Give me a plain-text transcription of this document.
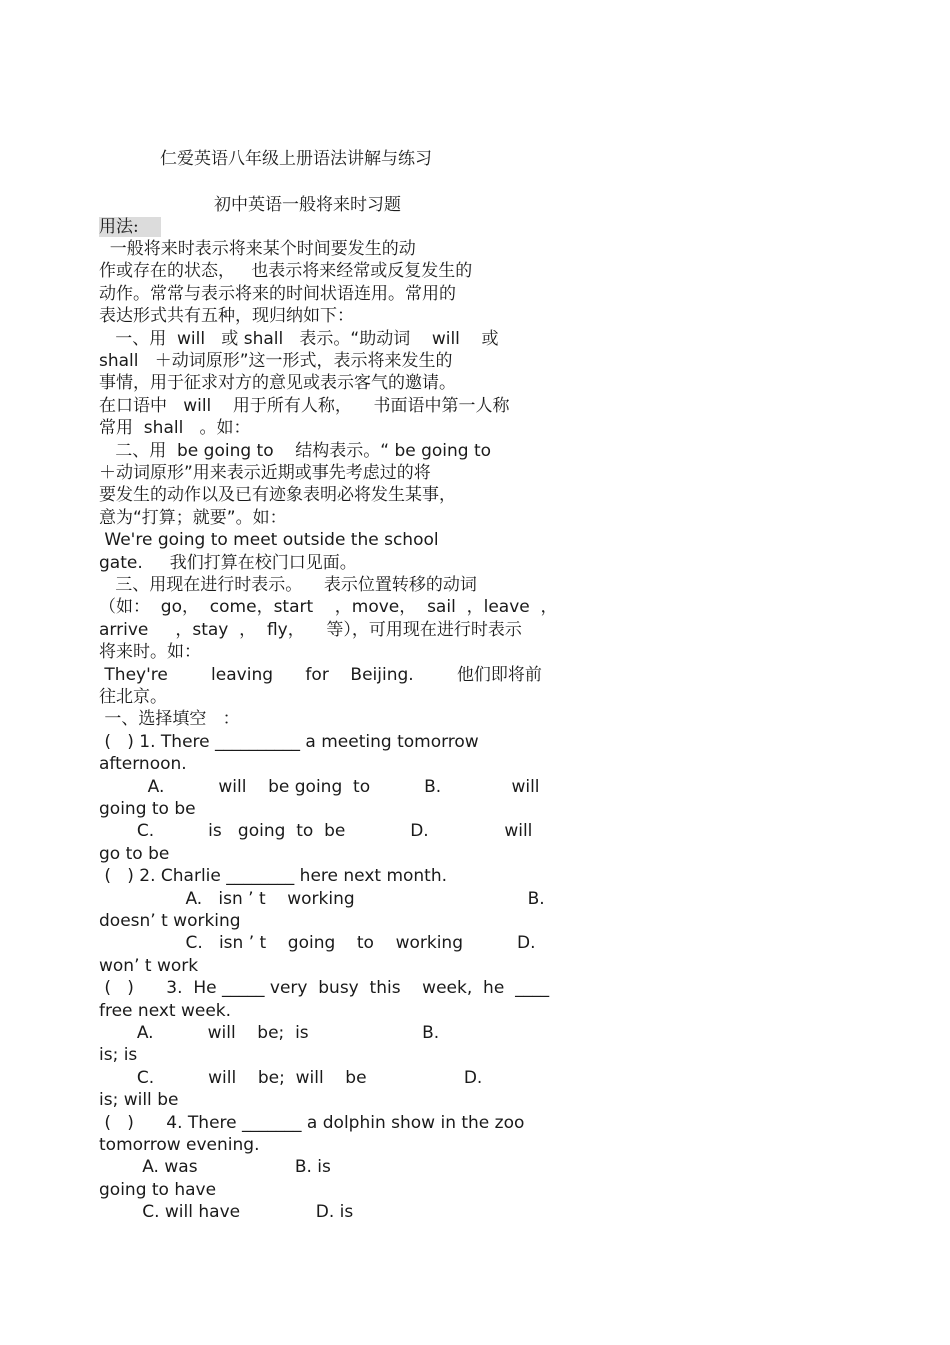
仁爱英语八年级上册语法讲解与练习
初中英语一般将来时习题
用法:
一般将来时表示将来某个时间要发生的动
作或存在的状态，   也表示将来经常或反复发生的
动作。常常与表示将来的时间状语连用。常用的
表达形式共有五种，现归纳如下：
一、用  will   或 shall   表示。“助动词    will    或
shall   ＋动词原形”这一形式，表示将来发生的
事情，用于征求对方的意见或表示客气的邀请。
在口语中   will    用于所有人称，    书面语中第一人称
常用  shall   。如：
二、用  be going to    结构表示。“ be going to
＋动词原形”用来表示近期或事先考虑过的将
要发生的动作以及已有迹象表明必将发生某事，
意为“打算；就要”。如：
We're going to meet outside the school
gate.     我们打算在校门口见面。
三、用现在进行时表示。    表示位置转移的动词
（如：  go，  come，start    ，move，  sail  ，leave  ，
arrive     ，stay  ，  fly，    等），可用现在进行时表示
将来时。如：
They're        leaving      for    Beijing.        他们即将前
往北京。
一、选择填空   ：
(   ) 1. There __________ a meeting tomorrow
afternoon.
A.          will    be going  to          B.             will
going to be
C.          is   going  to  be            D.              will
go to be
(   ) 2. Charlie ________ here next month.
A.   isn ’ t    working                                B.
doesn’ t working
C.   isn ’ t    going    to    working          D.
won’ t work
(   )      3.  He _____ very  busy  this    week,  he  ____
free next week.
A.          will    be;  is                     B.
is; is
C.          will    be;  will    be                  D.
is; will be
(   )      4. There _______ a dolphin show in the zoo
tomorrow evening.
A. was                  B. is
going to have
C. will have              D. is
